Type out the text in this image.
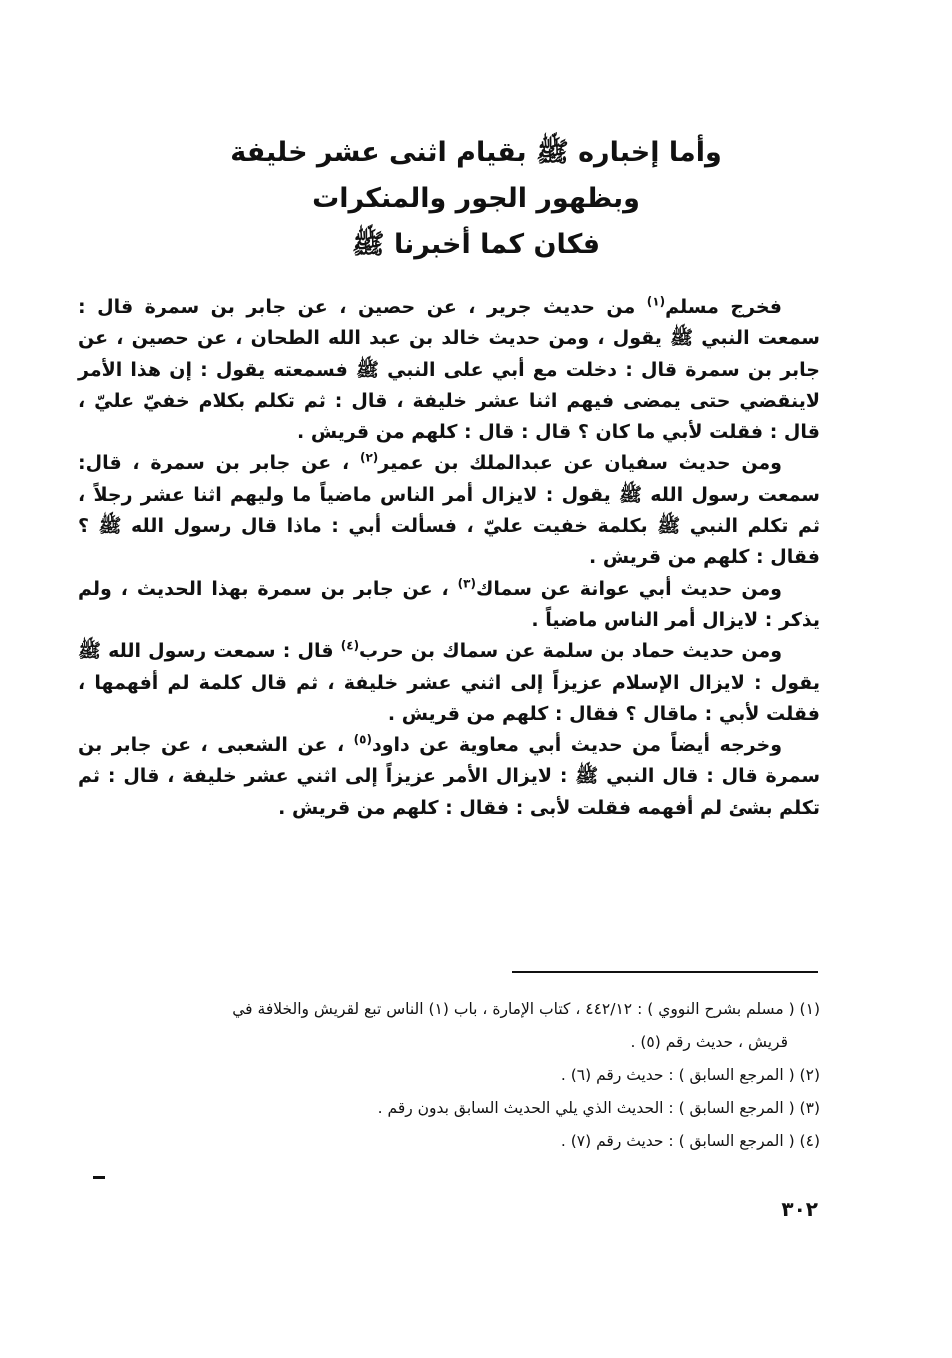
وأما إخباره ﷺ بقيام اثنى عشر خليفة
وبظهور الجور والمنكرات
فكان كما أخبرنا ﷺ

فخرج مسلم$^{(١)}$ من حديث جرير ، عن حصين ، عن جابر بن سمرة قال : سمعت النبي ﷺ يقول ، ومن حديث خالد بن عبد الله الطحان ، عن حصين ، عن جابر بن سمرة قال : دخلت مع أبي على النبي ﷺ فسمعته يقول : إن هذا الأمر لاينقضي حتى يمضى فيهم اثنا عشر خليفة ، قال : ثم تكلم بكلام خفيّ عليّ ، قال : فقلت لأبي ما كان ؟ قال : قال : كلهم من قريش .

ومن حديث سفيان عن عبدالملك بن عمير$^{(٢)}$ ، عن جابر بن سمرة ، قال: سمعت رسول الله ﷺ يقول : لايزال أمر الناس ماضياً ما وليهم اثنا عشر رجلاً ، ثم تكلم النبي ﷺ بكلمة خفيت عليّ ، فسألت أبي : ماذا قال رسول الله ﷺ ؟ فقال : كلهم من قريش .

ومن حديث أبي عوانة عن سماك$^{(٣)}$ ، عن جابر بن سمرة بهذا الحديث ، ولم يذكر : لايزال أمر الناس ماضياً .

ومن حديث حماد بن سلمة عن سماك بن حرب$^{(٤)}$ قال : سمعت رسول الله ﷺ يقول : لايزال الإسلام عزيزاً إلى اثني عشر خليفة ، ثم قال كلمة لم أفهمها ، فقلت لأبي : ماقال ؟ فقال : كلهم من قريش .

وخرجه أيضاً من حديث أبي معاوية عن داود$^{(٥)}$ ، عن الشعبى ، عن جابر بن سمرة قال : قال النبي ﷺ : لايزال الأمر عزيزاً إلى اثني عشر خليفة ، قال : ثم تكلم بشئ لم أفهمه فقلت لأبى : فقال : كلهم من قريش .

(١) ( مسلم بشرح النووي ) : ٤٤٢/١٢ ، كتاب الإمارة ، باب (١) الناس تبع لقريش والخلافة في

قريش ، حديث رقم (٥) .

(٢) ( المرجع السابق ) : حديث رقم (٦) .

(٣) ( المرجع السابق ) : الحديث الذي يلي الحديث السابق بدون رقم .

(٤) ( المرجع السابق ) : حديث رقم (٧) .

٣٠٢
